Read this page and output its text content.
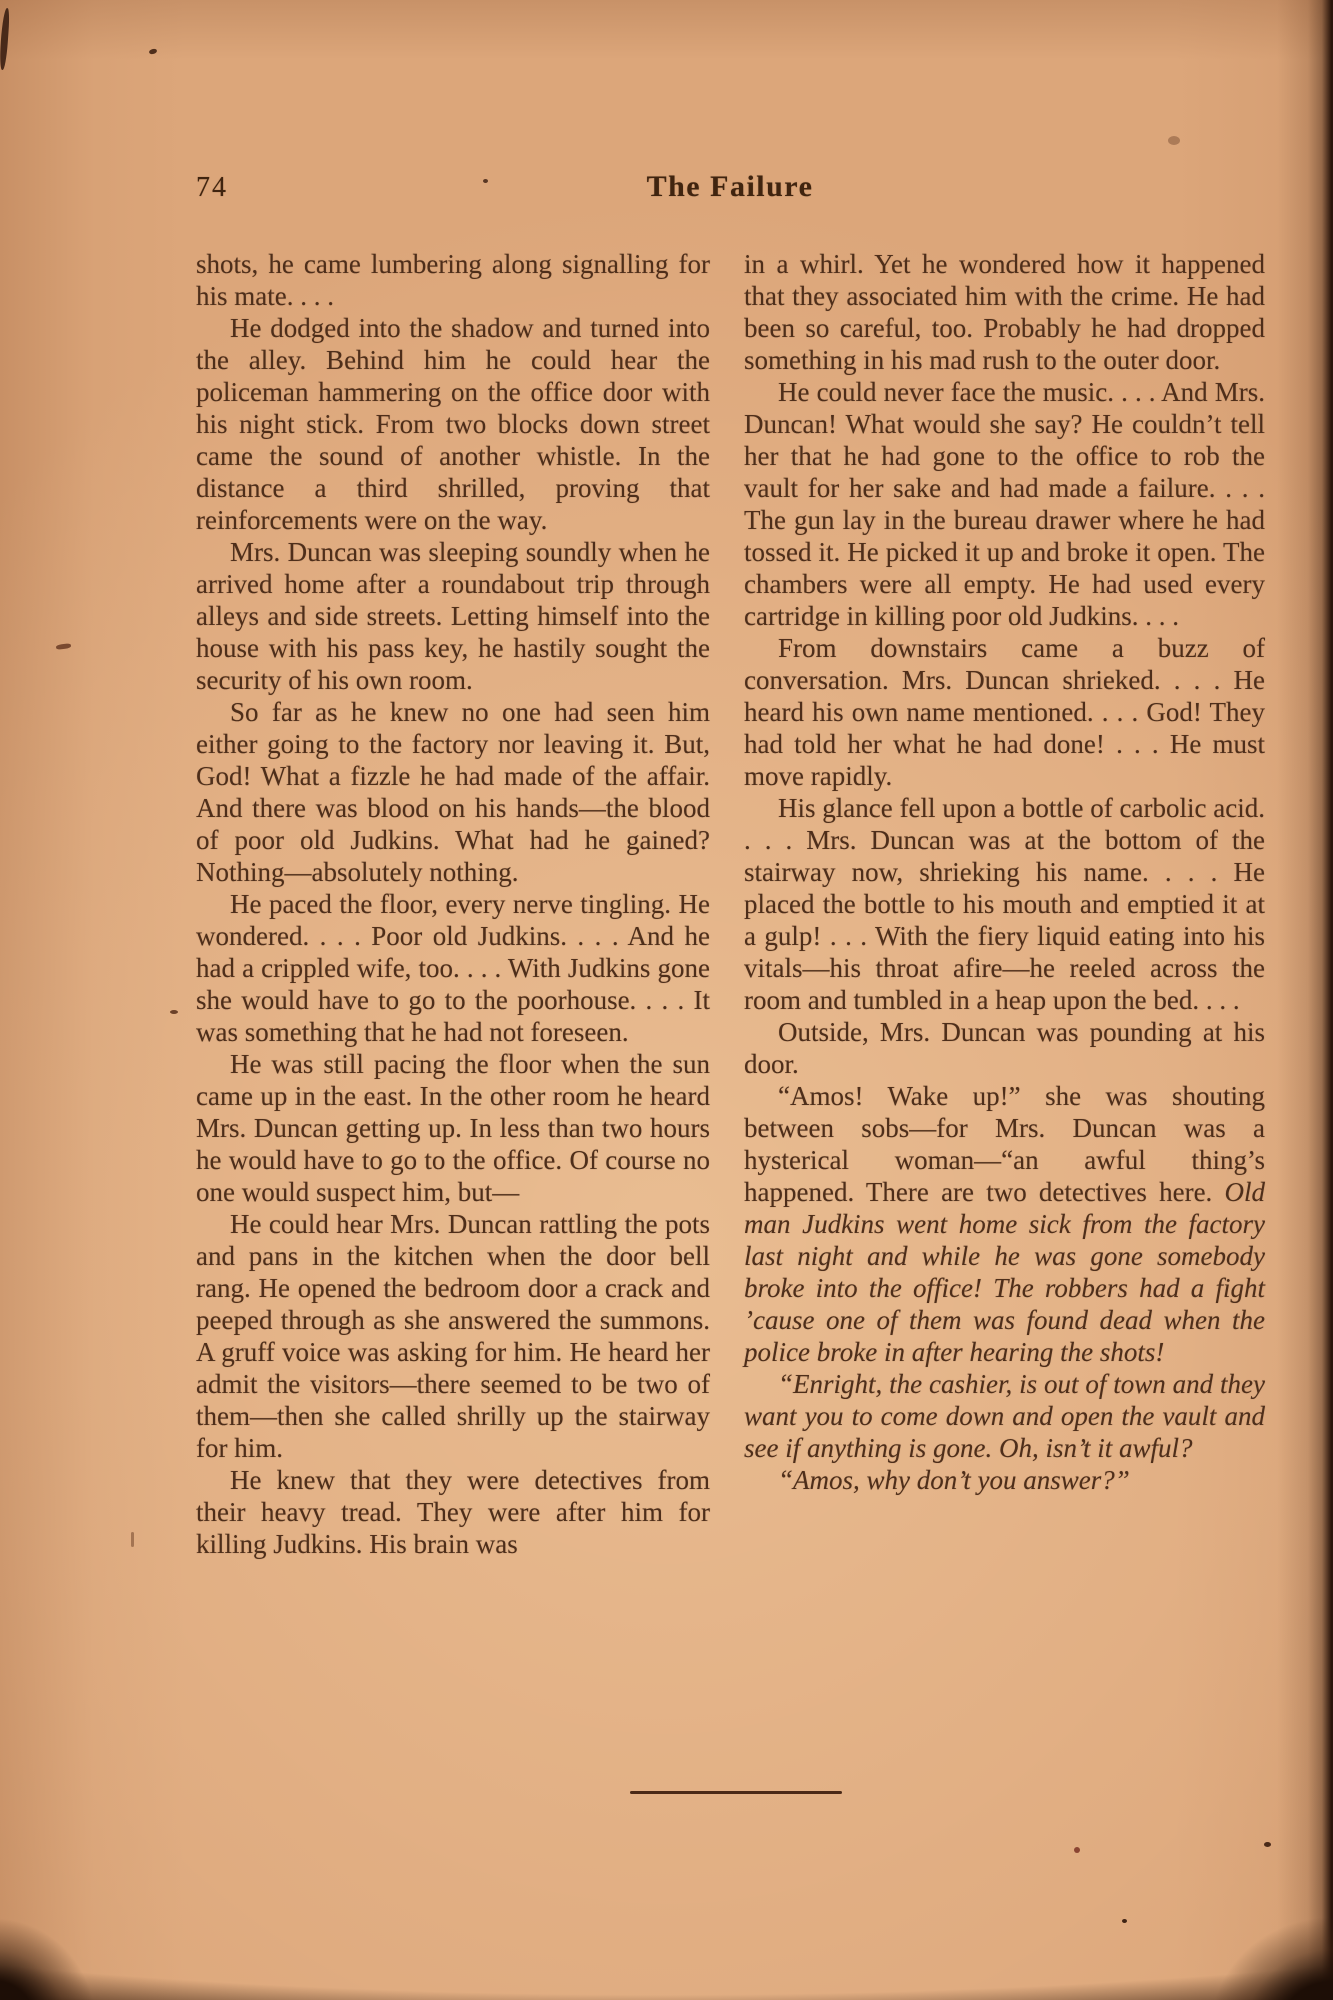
74	The Failure

shots, he came lumbering along signalling for his mate. . . .

He dodged into the shadow and turned into the alley. Behind him he could hear the policeman hammering on the office door with his night stick. From two blocks down street came the sound of another whistle. In the distance a third shrilled, proving that reinforcements were on the way.

Mrs. Duncan was sleeping soundly when he arrived home after a roundabout trip through alleys and side streets. Letting himself into the house with his pass key, he hastily sought the security of his own room.

So far as he knew no one had seen him either going to the factory nor leaving it. But, God! What a fizzle he had made of the affair. And there was blood on his hands—the blood of poor old Judkins. What had he gained? Nothing—absolutely nothing.

He paced the floor, every nerve tingling. He wondered. . . . Poor old Judkins. . . . And he had a crippled wife, too. . . . With Judkins gone she would have to go to the poorhouse. . . . It was something that he had not foreseen.

He was still pacing the floor when the sun came up in the east. In the other room he heard Mrs. Duncan getting up. In less than two hours he would have to go to the office. Of course no one would suspect him, but—

He could hear Mrs. Duncan rattling the pots and pans in the kitchen when the door bell rang. He opened the bedroom door a crack and peeped through as she answered the summons. A gruff voice was asking for him. He heard her admit the visitors—there seemed to be two of them—then she called shrilly up the stairway for him.

He knew that they were detectives from their heavy tread. They were after him for killing Judkins. His brain was

in a whirl. Yet he wondered how it happened that they associated him with the crime. He had been so careful, too. Probably he had dropped something in his mad rush to the outer door.

He could never face the music. . . . And Mrs. Duncan! What would she say? He couldn’t tell her that he had gone to the office to rob the vault for her sake and had made a failure. . . . The gun lay in the bureau drawer where he had tossed it. He picked it up and broke it open. The chambers were all empty. He had used every cartridge in killing poor old Judkins. . . .

From downstairs came a buzz of conversation. Mrs. Duncan shrieked. . . . He heard his own name mentioned. . . . God! They had told her what he had done! . . . He must move rapidly.

His glance fell upon a bottle of carbolic acid. . . . Mrs. Duncan was at the bottom of the stairway now, shrieking his name. . . . He placed the bottle to his mouth and emptied it at a gulp! . . . With the fiery liquid eating into his vitals—his throat afire—he reeled across the room and tumbled in a heap upon the bed. . . .

Outside, Mrs. Duncan was pounding at his door.

“Amos! Wake up!” she was shouting between sobs—for Mrs. Duncan was a hysterical woman—“an awful thing’s happened. There are two detectives here. Old man Judkins went home sick from the factory last night and while he was gone somebody broke into the office! The robbers had a fight ’cause one of them was found dead when the police broke in after hearing the shots!

“Enright, the cashier, is out of town and they want you to come down and open the vault and see if anything is gone. Oh, isn’t it awful?

“Amos, why don’t you answer?”
